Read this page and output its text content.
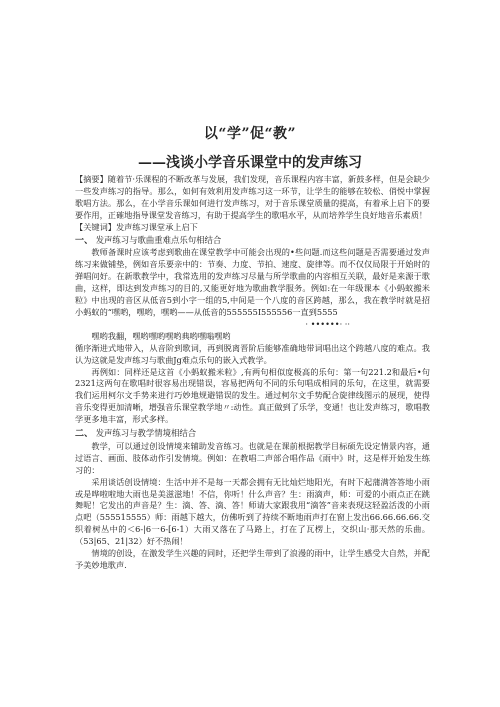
以“学”促“教”
——浅谈小学音乐课堂中的发声练习

【摘要】随着节·乐课程的不断改革与发展，我们发现，音乐课程内容丰富，新鼓多样，但是会缺少一些发声练习的指导。那么，如何有效利用发声练习这一环节，让学生的能够在较松、俏悦中掌握歌唱方法。那么，在小学音乐课如何进行发声练习，对于音乐课堂质量的提高，有着承上启下的要要作用，正確地指导课堂发音练习，有助于提高学生的歌唱水平，从而培养学生良好地音乐素质！

【关键词】发声练习课堂承上启下

一、 发声练习与歌曲重难点乐句相结合

教师备课时应该考虑到歌曲在课堂教学中可能会出现的•些问题.而这些问题是否需要通过发声练习来做铺垫，例如音乐要亲中的：节奏、力度、节拍、速度、旋律等。而不仅仅局限于开始时的弹唱问好。在新歌教学中，我常选用的发声练习尽量与所学歌曲的内容相互关联，最好是来源于歌曲，这样，即达到发声练习的目的,又能更好地为歌曲教学服务。例如:在一年级课本《小蚂蚁搬米粒》中出现的音区从低音5到小字一组的5,中间是一个八度的音区跨越，那么，我在教学时就是招小蚂蚁的“嘿哟，嘿哟，嘿哟——从低音的555555I555556一直到5555

· ••••••· ··

嘿哟我翻，嘿哟嘿哟嘿哟典哟嘿嗡嘿哟

循序渐进式地带入，从音阶到歌词，再到脱离晋阶后能够准确地带词唱出这个跨越八度的难点。我认为这就是发声练习与歌曲Jg难点乐句的嵌入式教学。

再例如：同样还是这首《小蚂蚁搬米粒》,有两句相似度极高的乐句：第一句221.2和最后•句2321这两句在歌唱时很容易出现错误，容易把两句不同的乐句唱成相同的乐句，在这里，就需要我们运用柯尔文手势来进行巧妙地规避错误的发生。通过柯尔文手势配合旋律线图示的展现，使得音乐变得更加清晰，增强音乐课堂教学地〃:动性。真正做到了乐学，变通！也让发声练习，歌唱教学更多地丰富，形式多样。

二、 发声练习与教学情境相结合

教学，可以通过创设情境来辅助发音练习。也就是在课前根据教学目标硕先设定情景内容，通过语言、画面、肢体动作引发情境。例如：在教唱二声部合唱作品《雨中》时，这是样开始发生练习的：

采用谈话创设情境：生活中并不是每一天都会拥有无比灿烂地阳光，有时下起蒲满答答地小雨或是哗啦啦地大雨也是美滋滋地！不信，你听！什么声音？生：雨滴声，师：可爱的小雨点正在跳舞呢！它发出的声音是？生：滴、答、滴、答！师请大家跟我用“滴答”音来表现这轻盈活泼的小雨点吧（555515555）师：雨越下越大，仿佛听到了持续不断地雨声打在窗上发出66.66.66.66.交织着树丛中的＜6-|6一6-[6-1）大雨又落在了马路上，打在了瓦楞上，交织山·那天然的乐曲。（53|65、21|32）好不热闹！

情境的创设，在激发学生兴趣的同时，还把学生带到了浪漫的雨中，让学生感受大自然，并配予美妙地歌声.
